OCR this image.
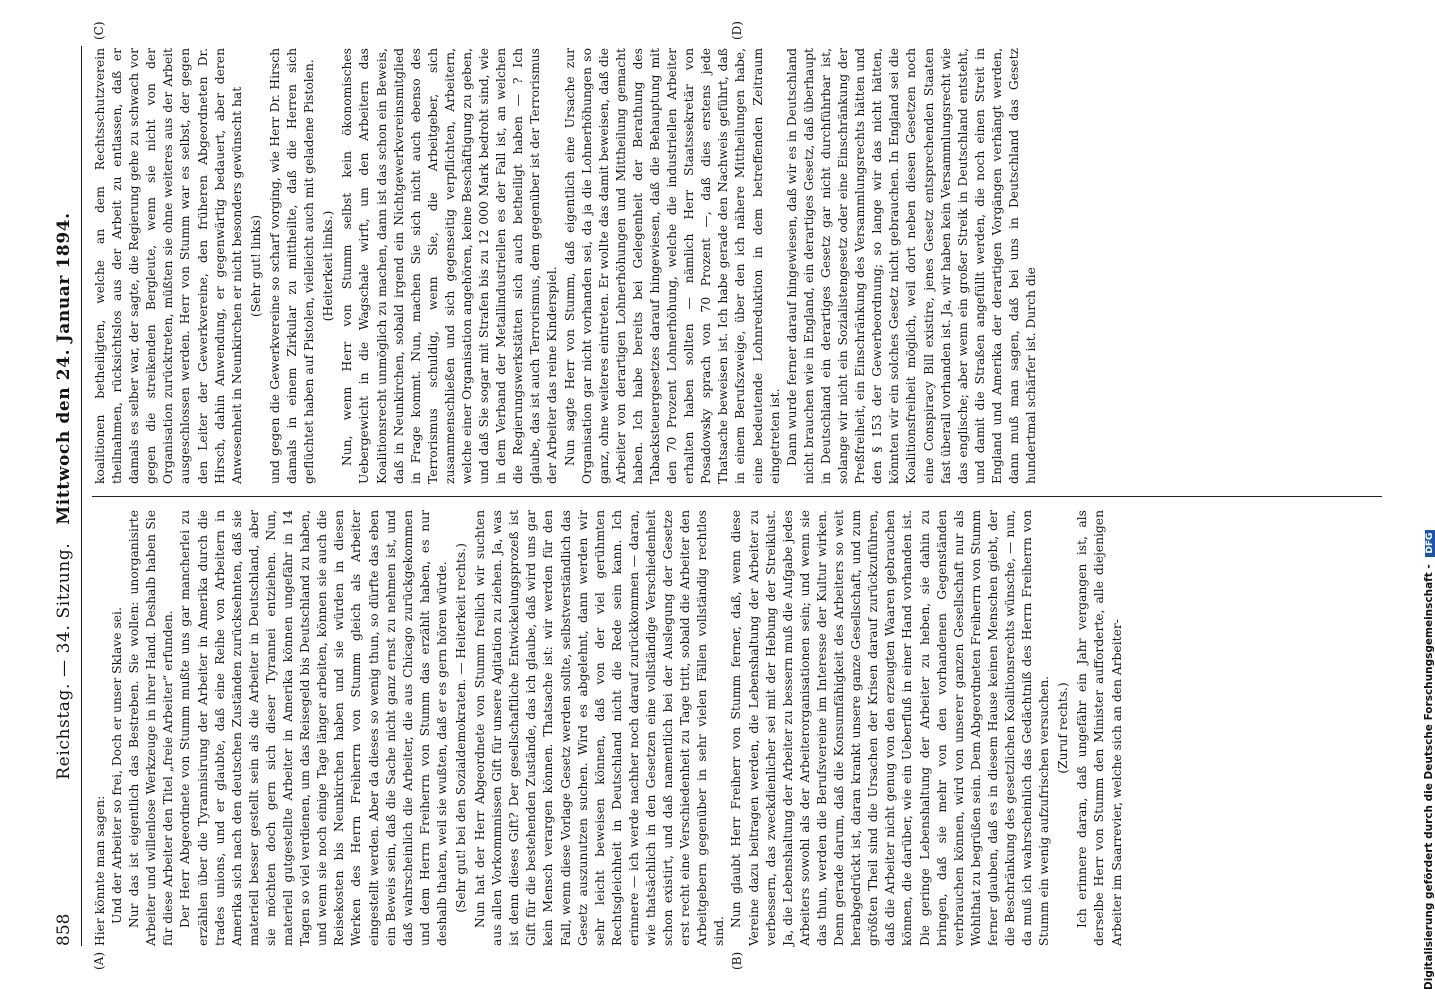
858
Reichstag. — 34. Sitzung.   Mittwoch den 24. Januar 1894.
(A)	(B)
(C)	(D)

Hier könnte man sagen: Und der Arbeiter so frei, Doch er unser Sklave sei. Nur das ist eigentlich das Bestreben. Sie wollen: unorganisirte Arbeiter und willenlose Werkzeuge in ihrer Hand. Deshalb haben Sie für diese Arbeiter den Titel „freie Arbeiter“ erfunden. Der Herr Abgeordnete von Stumm mußte uns gar mancherlei zu erzählen über die Tyrannisirung der Arbeiter in Amerika durch die trades unions, und er glaubte, daß eine Reihe von Arbeitern in Amerika sich nach den deutschen Zuständen zurücksehnten, daß sie materiell besser gestellt sein als die Arbeiter in Deutschland, aber sie möchten doch gern sich dieser Tyrannei entziehen. Nun, materiell gutgestellte Arbeiter in Amerika können ungefähr in 14 Tagen so viel verdienen, um das Reisegeld bis Deutschland zu haben, und wenn sie noch einige Tage länger arbeiten, können sie auch die Reisekosten bis Neunkirchen haben und sie würden in diesen Werken des Herrn Freiherrn von Stumm gleich als Arbeiter eingestellt werden. Aber da dieses so wenig thun, so dürfte das eben ein Beweis sein, daß die Sache nicht ganz ernst zu nehmen ist, und daß wahrscheinlich die Arbeiter, die aus Chicago zurückgekommen und dem Herrn Freiherrn von Stumm das erzählt haben, es nur deshalb thaten, weil sie wußten, daß er es gern hören würde. (Sehr gut! bei den Sozialdemokraten. — Heiterkeit rechts.) Nun hat der Herr Abgeordnete von Stumm freilich wir suchten aus allen Vorkommnissen Gift für unsere Agitation zu ziehen. Ja, was ist denn dieses Gift? Der gesellschaftliche Entwickelungsprozeß ist Gift für die bestehenden Zustände, das ich glaube, daß wird uns gar kein Mensch verargen können. Thatsache ist: wir werden für den Fall, wenn diese Vorlage Gesetz werden sollte, selbstverständlich das Gesetz auszunutzen suchen. Wird es abgelehnt, dann werden wir sehr leicht beweisen können, daß von der viel gerühmten Rechtsgleichheit in Deutschland nicht die Rede sein kann. Ich erinnere — ich werde nachher noch darauf zurückkommen — daran, wie thatsächlich in den Gesetzen eine vollständige Verschiedenheit schon existirt, und daß namentlich bei der Auslegung der Gesetze erst recht eine Verschiedenheit zu Tage tritt, sobald die Arbeiter den Arbeitgebern gegenüber in sehr vielen Fällen vollständig rechtlos sind.

Nun glaubt Herr Freiherr von Stumm ferner, daß, wenn diese Vereine dazu beitragen werden, die Lebenshaltung der Arbeiter zu verbessern, das zweckdienlicher sei mit der Hebung der Streiklust. Ja, die Lebenshaltung der Arbeiter zu bessern muß die Aufgabe jedes Arbeiters sowohl als der Arbeiterorganisationen sein; und wenn sie das thun, werden die Berufsvereine im Interesse der Kultur wirken. Denn gerade darum, daß die Konsumfähigkeit des Arbeiters so weit herabgedrückt ist, daran krankt unsere ganze Gesellschaft, und zum größten Theil sind die Ursachen der Krisen darauf zurückzuführen, daß die Arbeiter nicht genug von den erzeugten Waaren gebrauchen können, die darüber, wie ein Ueberfluß in einer Hand vorhanden ist. Die geringe Lebenshaltung der Arbeiter zu heben, sie dahin zu bringen, daß sie mehr von den vorhandenen Gegenständen verbrauchen können, wird von unserer ganzen Gesellschaft nur als Wohlthat zu begrüßen sein. Dem Abgeordneten Freiherrn von Stumm ferner glauben, daß es in diesem Hause keinen Menschen giebt, der die Beschränkung des gesetzlichen Koalitionsrechts wünsche, — nun, da muß ich wahrscheinlich das Gedächtniß des Herrn Freiherrn von Stumm ein wenig aufzufrischen versuchen. (Zuruf rechts.) Ich erinnere daran, daß ungefähr ein Jahr vergangen ist, als derselbe Herr von Stumm den Minister aufforderte, alle diejenigen Arbeiter im Saarrevier, welche sich an den Arbeiter-

koalitionen betheiligten, welche an dem Rechtsschutzverein theilnahmen, rücksichtslos aus der Arbeit zu entlassen, daß er damals es selber war, der sagte, die Regierung gehe zu schwach vor gegen die streikenden Bergleute, wenn sie nicht von der Organisation zurücktreten, müßten sie ohne weiteres aus der Arbeit ausgeschlossen werden. Herr von Stumm war es selbst, der gegen den Leiter der Gewerkvereine, den früheren Abgeordneten Dr. Hirsch, dahin Anwendung, er gegenwärtig bedauert, aber deren Anwesenheit in Neunkirchen er nicht besonders gewünscht hat (Sehr gut! links) und gegen die Gewerkvereine so scharf vorging, wie Herr Dr. Hirsch damals in einem Zirkular zu mittheilte, daß die Herren sich geflüchtet haben auf Pistolen, vielleicht auch mit geladene Pistolen. (Heiterkeit links.) Nun, wenn Herr von Stumm selbst kein ökonomisches Uebergewicht in die Wagschale wirft, um den Arbeitern das Koalitionsrecht unmöglich zu machen, dann ist das schon ein Beweis, daß in Neunkirchen, sobald irgend ein Nichtgewerkvereinsmitglied in Frage kommt. Nun, machen Sie sich nicht auch ebenso des Terrorismus schuldig, wenn Sie, die Arbeitgeber, sich zusammenschließen und sich gegenseitig verpflichten, Arbeitern, welche einer Organisation angehören, keine Beschäftigung zu geben, und daß Sie sogar mit Strafen bis zu 12 000 Mark bedroht sind, wie in dem Verband der Metallindustriellen es der Fall ist, an welchen die Regierungswerkstätten sich auch betheiligt haben — ? Ich glaube, das ist auch Terrorismus, dem gegenüber ist der Terrorismus der Arbeiter das reine Kinderspiel. Nun sagte Herr von Stumm, daß eigentlich eine Ursache zur Organisation gar nicht vorhanden sei, da ja die Lohnerhöhungen so ganz, ohne weiteres eintreten. Er wollte das damit beweisen, daß die Arbeiter von derartigen Lohnerhöhungen und Mittheilung gemacht haben. Ich habe bereits bei Gelegenheit der Berathung des Tabacksteuergesetzes darauf hingewiesen, daß die Behauptung mit den 70 Prozent Lohnerhöhung, welche die industriellen Arbeiter erhalten haben sollten — nämlich Herr Staatssekretär von Posadowsky sprach von 70 Prozent —, daß dies erstens jede Thatsache beweisen ist. Ich habe gerade den Nachweis geführt, daß in einem Berufszweige, über den ich nähere Mittheilungen habe, eine bedeutende Lohnreduktion in dem betreffenden Zeitraum eingetreten ist. Dann wurde ferner darauf hingewiesen, daß wir es in Deutschland nicht brauchen wie in England, ein derartiges Gesetz, daß überhaupt in Deutschland ein derartiges Gesetz gar nicht durchführbar ist, solange wir nicht ein Sozialistengesetz oder eine Einschränkung der Preßfreiheit, ein Einschränkung des Versammlungsrechts hätten und den § 153 der Gewerbeordnung; so lange wir das nicht hätten, könnten wir ein solches Gesetz nicht gebrauchen. In England sei die Koalitionsfreiheit möglich, weil dort neben diesen Gesetzen noch eine Conspiracy Bill existire, jenes Gesetz entsprechenden Staaten fast überall vorhanden ist. Ja, wir haben kein Versammlungsrecht wie das englische; aber wenn ein großer Streik in Deutschland entsteht, und damit die Straßen angefüllt werden, die noch einen Streit in England und Amerika der derartigen Vorgängen verhängt werden, dann muß man sagen, daß bei uns in Deutschland das Gesetz hundertmal schärfer ist. Durch die

Digitalisierung gefördert durch die Deutsche Forschungsgemeinschaft - DFG
